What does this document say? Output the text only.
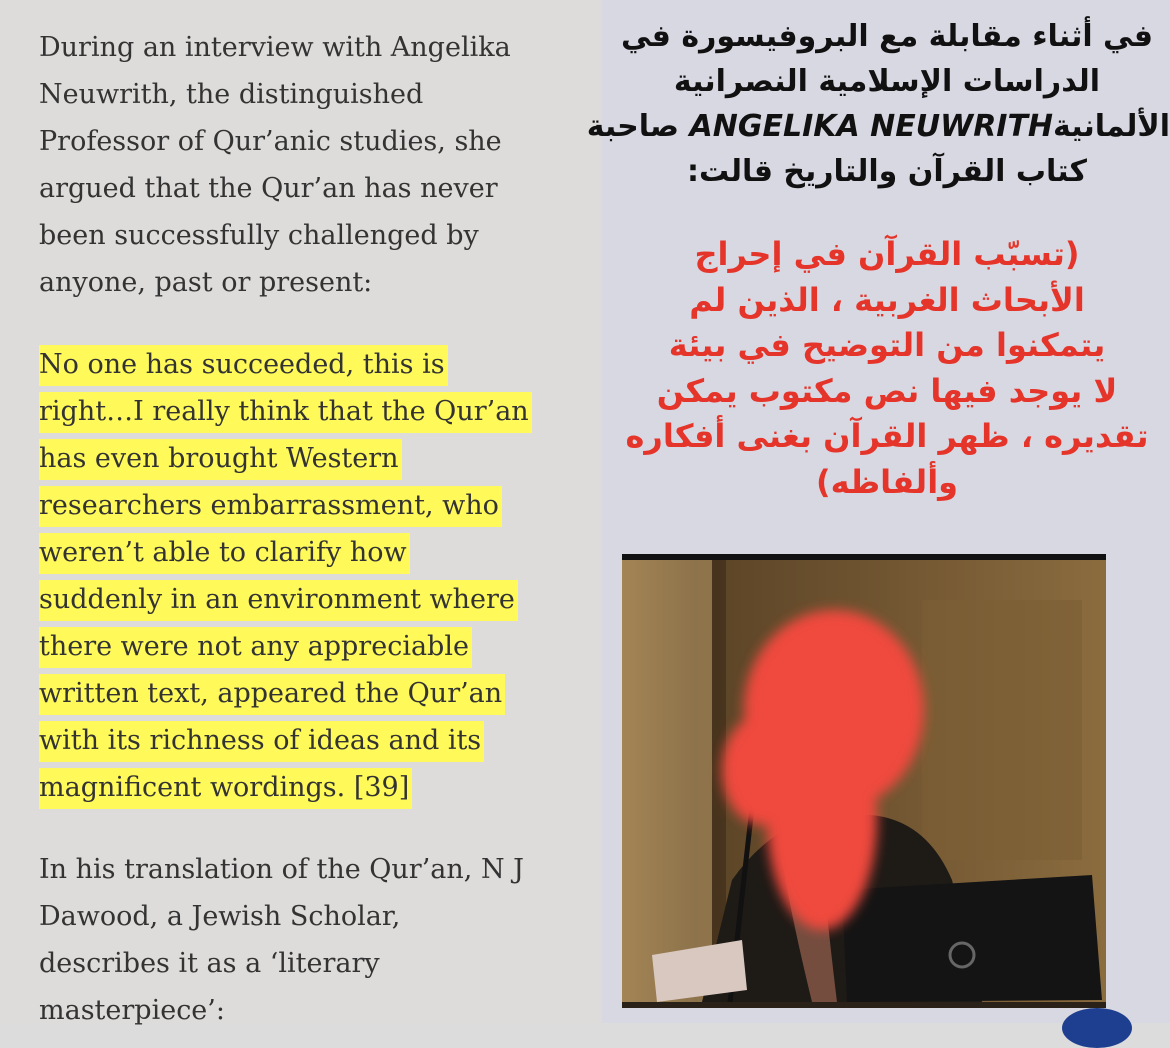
During an interview with Angelika
Neuwrith, the distinguished
Professor of Qur’anic studies, she
argued that the Qur’an has never
been successfully challenged by
anyone, past or present:

No one has succeeded, this is
right…I really think that the Qur’an
has even brought Western
researchers embarrassment, who
weren’t able to clarify how
suddenly in an environment where
there were not any appreciable
written text, appeared the Qur’an
with its richness of ideas and its
magnificent wordings. [39]

In his translation of the Qur’an, N J
Dawood, a Jewish Scholar,
describes it as a ‘literary
masterpiece’:

في أثناء مقابلة مع البروفيسورة في
الدراسات الإسلامية النصرانية
الألمانيةANGELIKA NEUWRITH صاحبة
كتاب القرآن والتاريخ قالت:
(تسبّب القرآن في إحراج
الأبحاث الغربية ، الذين لم
يتمكنوا من التوضيح في بيئة
لا يوجد فيها نص مكتوب يمكن
تقديره ، ظهر القرآن بغنى أفكاره
وألفاظه)
